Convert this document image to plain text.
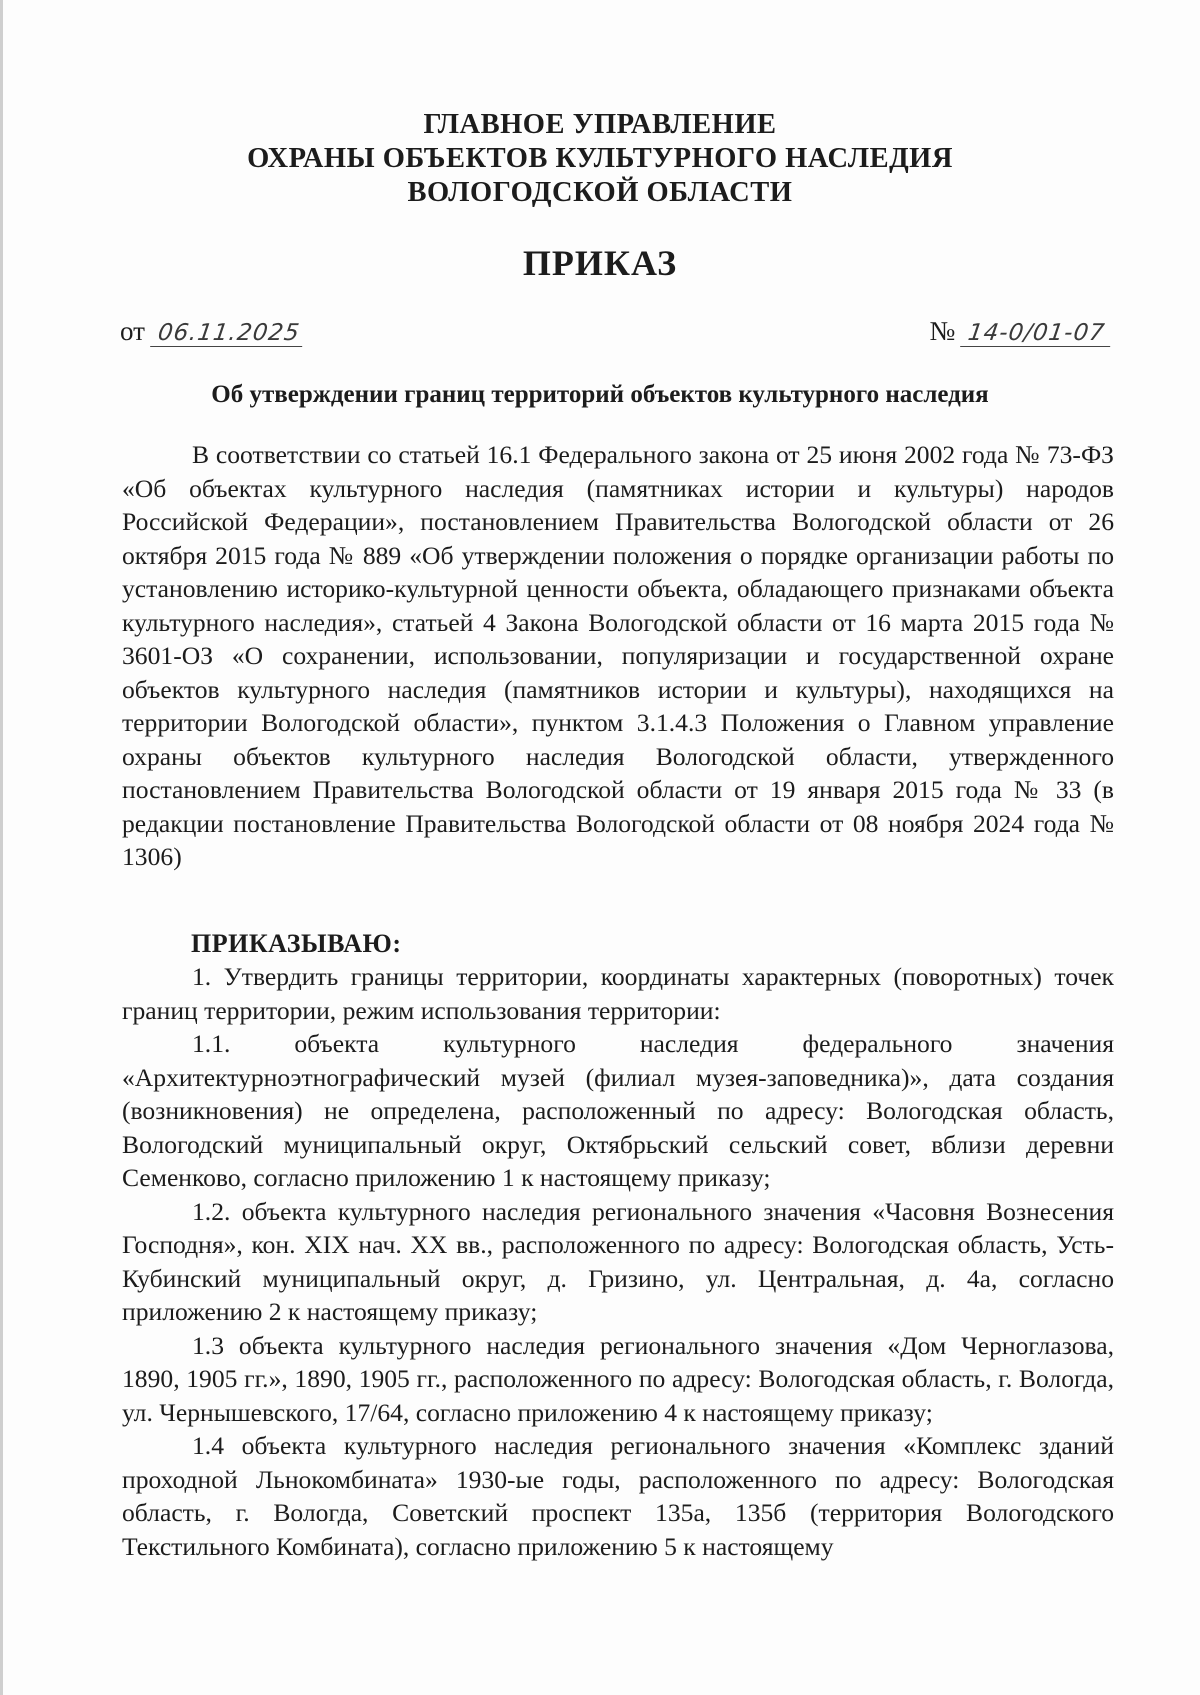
ГЛАВНОЕ УПРАВЛЕНИЕ
ОХРАНЫ ОБЪЕКТОВ КУЛЬТУРНОГО НАСЛЕДИЯ
ВОЛОГОДСКОЙ ОБЛАСТИ
ПРИКАЗ
от 06.11.2025	№ 14-0/01-07
Об утверждении границ территорий объектов культурного наследия

В соответствии со статьей 16.1 Федерального закона от 25 июня 2002 года № 73-ФЗ «Об объектах культурного наследия (памятниках истории и культуры) народов Российской Федерации», постановлением Правительства Вологодской области от 26 октября 2015 года № 889 «Об утверждении положения о порядке организации работы по установлению историко-культурной ценности объекта, обладающего признаками объекта культурного наследия», статьей 4 Закона Вологодской области от 16 марта 2015 года № 3601-ОЗ «О сохранении, использовании, популяризации и государственной охране объектов культурного наследия (памятников истории и культуры), находящихся на территории Вологодской области», пунктом 3.1.4.3 Положения о Главном управление охраны объектов культурного наследия Вологодской области, утвержденного постановлением Правительства Вологодской области от 19 января 2015 года № 33 (в редакции постановление Правительства Вологодской области от 08 ноября 2024 года № 1306)

ПРИКАЗЫВАЮ:

1. Утвердить границы территории, координаты характерных (поворотных) точек границ территории, режим использования территории:

1.1. объекта культурного наследия федерального значения «Архитектурноэтнографический музей (филиал музея-заповедника)», дата создания (возникновения) не определена, расположенный по адресу: Вологодская область, Вологодский муниципальный округ, Октябрьский сельский совет, вблизи деревни Семенково, согласно приложению 1 к настоящему приказу;

1.2. объекта культурного наследия регионального значения «Часовня Вознесения Господня», кон. XIX нач. XX вв., расположенного по адресу: Вологодская область, Усть-Кубинский муниципальный округ, д. Гризино, ул. Центральная, д. 4а, согласно приложению 2 к настоящему приказу;

1.3 объекта культурного наследия регионального значения «Дом Черноглазова, 1890, 1905 гг.», 1890, 1905 гг., расположенного по адресу: Вологодская область, г. Вологда, ул. Чернышевского, 17/64, согласно приложению 4 к настоящему приказу;

1.4 объекта культурного наследия регионального значения «Комплекс зданий проходной Льнокомбината» 1930-ые годы, расположенного по адресу: Вологодская область, г. Вологда, Советский проспект 135а, 135б (территория Вологодского Текстильного Комбината), согласно приложению 5 к настоящему
